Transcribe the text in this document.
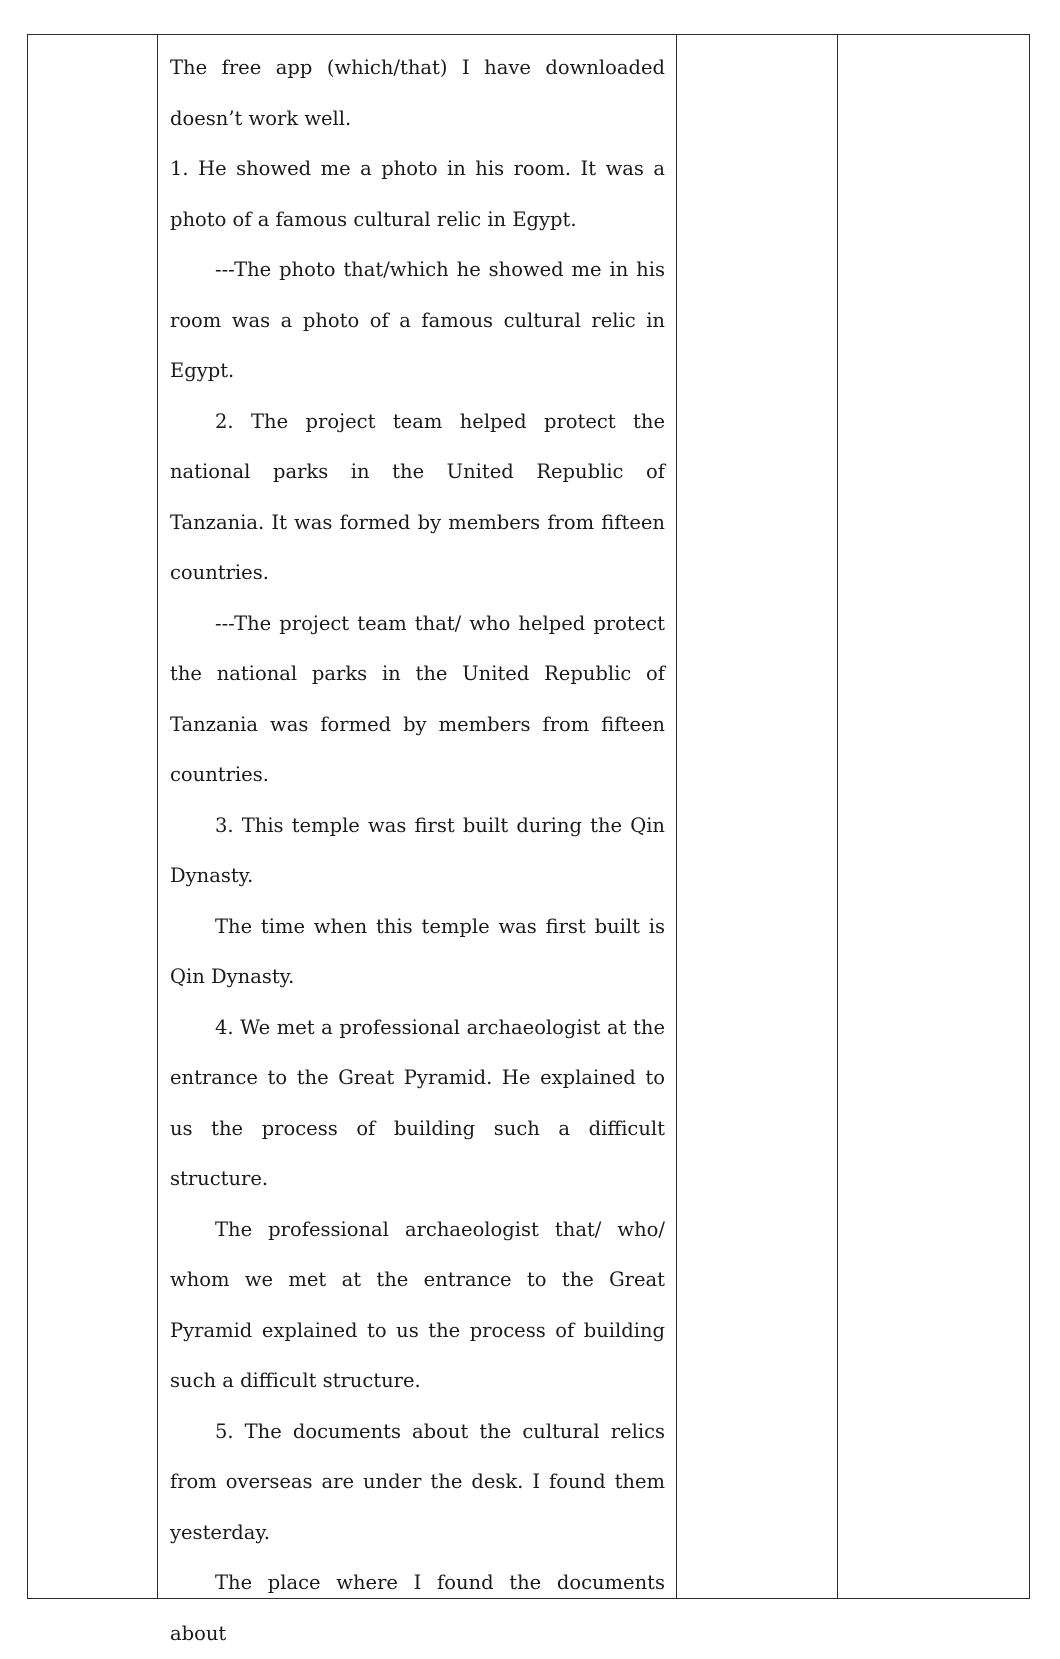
The free app (which/that) I have downloaded doesn’t work well.

1. He showed me a photo in his room. It was a photo of a famous cultural relic in Egypt.

---The photo that/which he showed me in his room was a photo of a famous cultural relic in Egypt.

2. The project team helped protect the national parks in the United Republic of Tanzania. It was formed by members from fifteen countries.

---The project team that/ who helped protect the national parks in the United Republic of Tanzania was formed by members from fifteen countries.

3. This temple was first built during the Qin Dynasty.

The time when this temple was first built is Qin Dynasty.

4. We met a professional archaeologist at the entrance to the Great Pyramid. He explained to us the process of building such a difficult structure.

The professional archaeologist that/ who/ whom we met at the entrance to the Great Pyramid explained to us the process of building such a difficult structure.

5. The documents about the cultural relics from overseas are under the desk. I found them yesterday.

The place where I found the documents about
